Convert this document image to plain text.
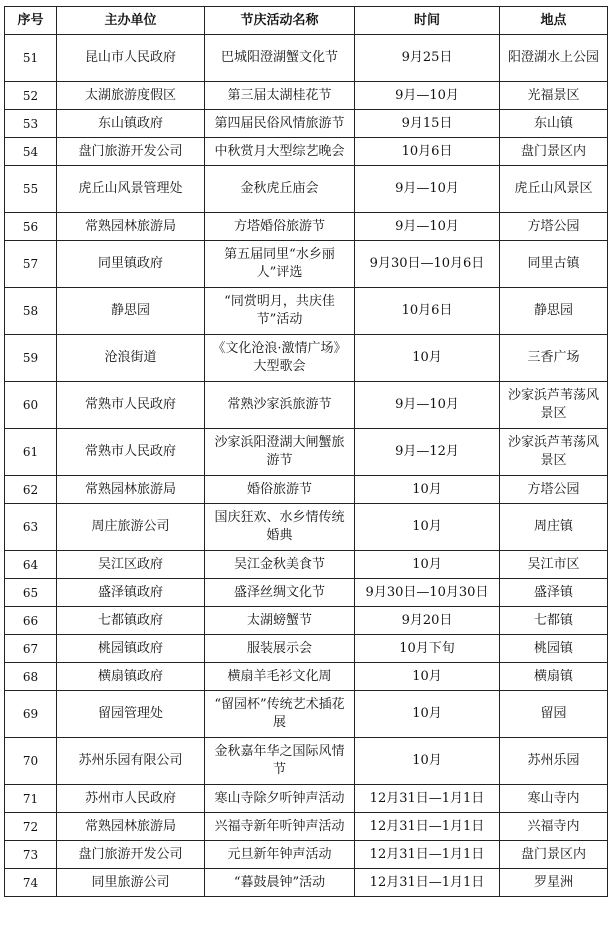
序号	主办单位	节庆活动名称	时间	地点
51	昆山市人民政府	巴城阳澄湖蟹文化节	9月25日	阳澄湖水上公园
52	太湖旅游度假区	第三届太湖桂花节	9月—10月	光福景区
53	东山镇政府	第四届民俗风情旅游节	9月15日	东山镇
54	盘门旅游开发公司	中秋赏月大型综艺晚会	10月6日	盘门景区内
55	虎丘山风景管理处	金秋虎丘庙会	9月—10月	虎丘山风景区
56	常熟园林旅游局	方塔婚俗旅游节	9月—10月	方塔公园
57	同里镇政府	第五届同里“水乡丽人”评选	9月30日—10月6日	同里古镇
58	静思园	“同赏明月，共庆佳节”活动	10月6日	静思园
59	沧浪街道	《文化沧浪·激情广场》大型歌会	10月	三香广场
60	常熟市人民政府	常熟沙家浜旅游节	9月—10月	沙家浜芦苇荡风景区
61	常熟市人民政府	沙家浜阳澄湖大闸蟹旅游节	9月—12月	沙家浜芦苇荡风景区
62	常熟园林旅游局	婚俗旅游节	10月	方塔公园
63	周庄旅游公司	国庆狂欢、水乡情传统婚典	10月	周庄镇
64	吴江区政府	吴江金秋美食节	10月	吴江市区
65	盛泽镇政府	盛泽丝绸文化节	9月30日—10月30日	盛泽镇
66	七都镇政府	太湖螃蟹节	9月20日	七都镇
67	桃园镇政府	服装展示会	10月下旬	桃园镇
68	横扇镇政府	横扇羊毛衫文化周	10月	横扇镇
69	留园管理处	“留园杯”传统艺术插花展	10月	留园
70	苏州乐园有限公司	金秋嘉年华之国际风情节	10月	苏州乐园
71	苏州市人民政府	寒山寺除夕听钟声活动	12月31日—1月1日	寒山寺内
72	常熟园林旅游局	兴福寺新年听钟声活动	12月31日—1月1日	兴福寺内
73	盘门旅游开发公司	元旦新年钟声活动	12月31日—1月1日	盘门景区内
74	同里旅游公司	“暮鼓晨钟”活动	12月31日—1月1日	罗星洲
